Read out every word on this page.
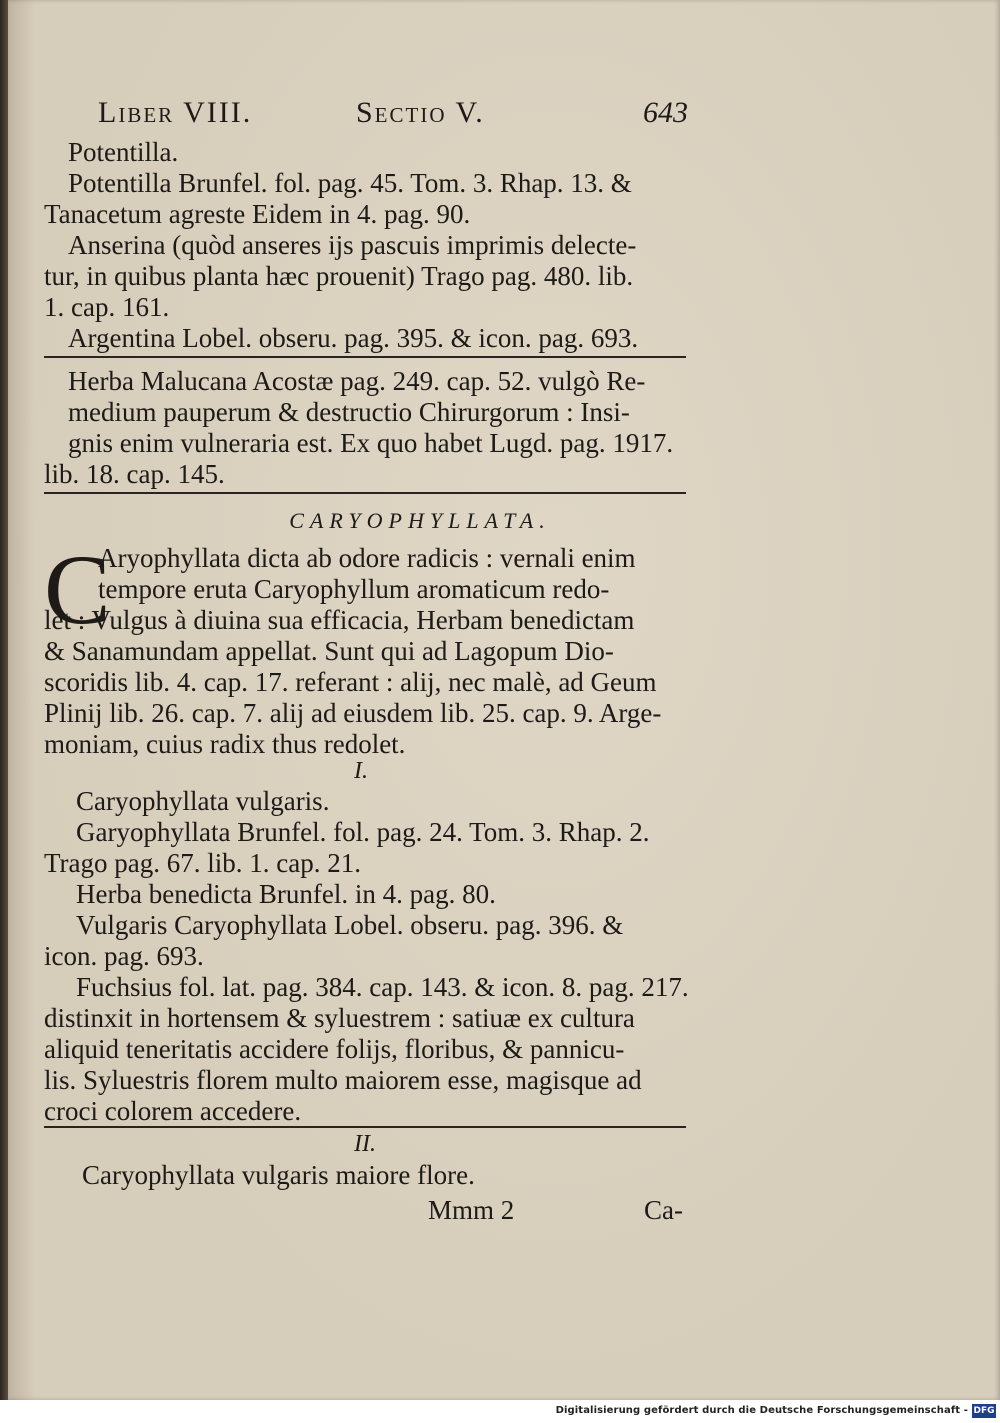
Liber VIII.	Sectio V.	643
Potentilla.
Potentilla Brunfel. fol. pag. 45. Tom. 3. Rhap. 13. &
Tanacetum agreste Eidem in 4. pag. 90.
Anserina (quòd anseres ijs pascuis imprimis delecte-
tur, in quibus planta hæc prouenit) Trago pag. 480. lib.
1. cap. 161.
Argentina Lobel. obseru. pag. 395. & icon. pag. 693.
Herba Malucana Acostæ pag. 249. cap. 52. vulgò Re-
medium pauperum & destructio Chirurgorum : Insi-
gnis enim vulneraria est. Ex quo habet Lugd. pag. 1917.
lib. 18. cap. 145.
CARYOPHYLLATA.
C
Aryophyllata dicta ab odore radicis : vernali enim
tempore eruta Caryophyllum aromaticum redo-
let : Vulgus à diuina sua efficacia, Herbam benedictam
& Sanamundam appellat. Sunt qui ad Lagopum Dio-
scoridis lib. 4. cap. 17. referant : alij, nec malè, ad Geum
Plinij lib. 26. cap. 7. alij ad eiusdem lib. 25. cap. 9. Arge-
moniam, cuius radix thus redolet.
I.
Caryophyllata vulgaris.
Garyophyllata Brunfel. fol. pag. 24. Tom. 3. Rhap. 2.
Trago pag. 67. lib. 1. cap. 21.
Herba benedicta Brunfel. in 4. pag. 80.
Vulgaris Caryophyllata Lobel. obseru. pag. 396. &
icon. pag. 693.
Fuchsius fol. lat. pag. 384. cap. 143. & icon. 8. pag. 217.
distinxit in hortensem & syluestrem : satiuæ ex cultura
aliquid teneritatis accidere folijs, floribus, & pannicu-
lis. Syluestris florem multo maiorem esse, magisque ad
croci colorem accedere.
II.
Caryophyllata vulgaris maiore flore.
Mmm 2	Ca-
Digitalisierung gefördert durch die Deutsche Forschungsgemeinschaft - DFG
